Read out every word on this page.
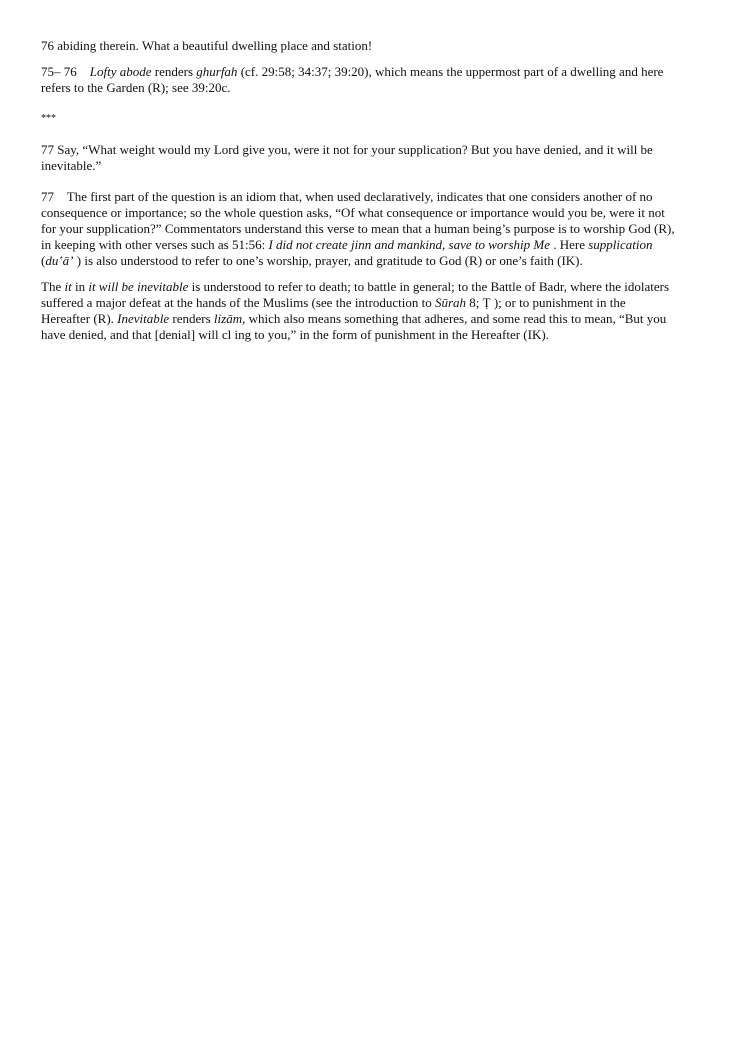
76 abiding therein. What a beautiful dwelling place and station!

75– 76    Lofty abode renders ghurfah (cf. 29:58; 34:37; 39:20), which means the uppermost part of a dwelling and here

refers to the Garden (R); see 39:20c.

***

77 Say, “What weight would my Lord give you, were it not for your supplication? But you have denied, and it will be

inevitable.”

77    The first part of the question is an idiom that, when used declaratively, indicates that one considers another of no

consequence or importance; so the whole question asks, “Of what consequence or importance would you be, were it not

for your supplication?” Commentators understand this verse to mean that a human being’s purpose is to worship God (R),

in keeping with other verses such as 51:56: I did not create jinn and mankind, save to worship Me . Here supplication

(du‛ā’ ) is also understood to refer to one’s worship, prayer, and gratitude to God (R) or one’s faith (IK).

The it in it will be inevitable is understood to refer to death; to battle in general; to the Battle of Badr, where the idolaters

suffered a major defeat at the hands of the Muslims (see the introduction to Sūrah 8; Ṭ ); or to punishment in the

Hereafter (R). Inevitable renders lizām, which also means something that adheres, and some read this to mean, “But you

have denied, and that [denial] will cl ing to you,” in the form of punishment in the Hereafter (IK).
